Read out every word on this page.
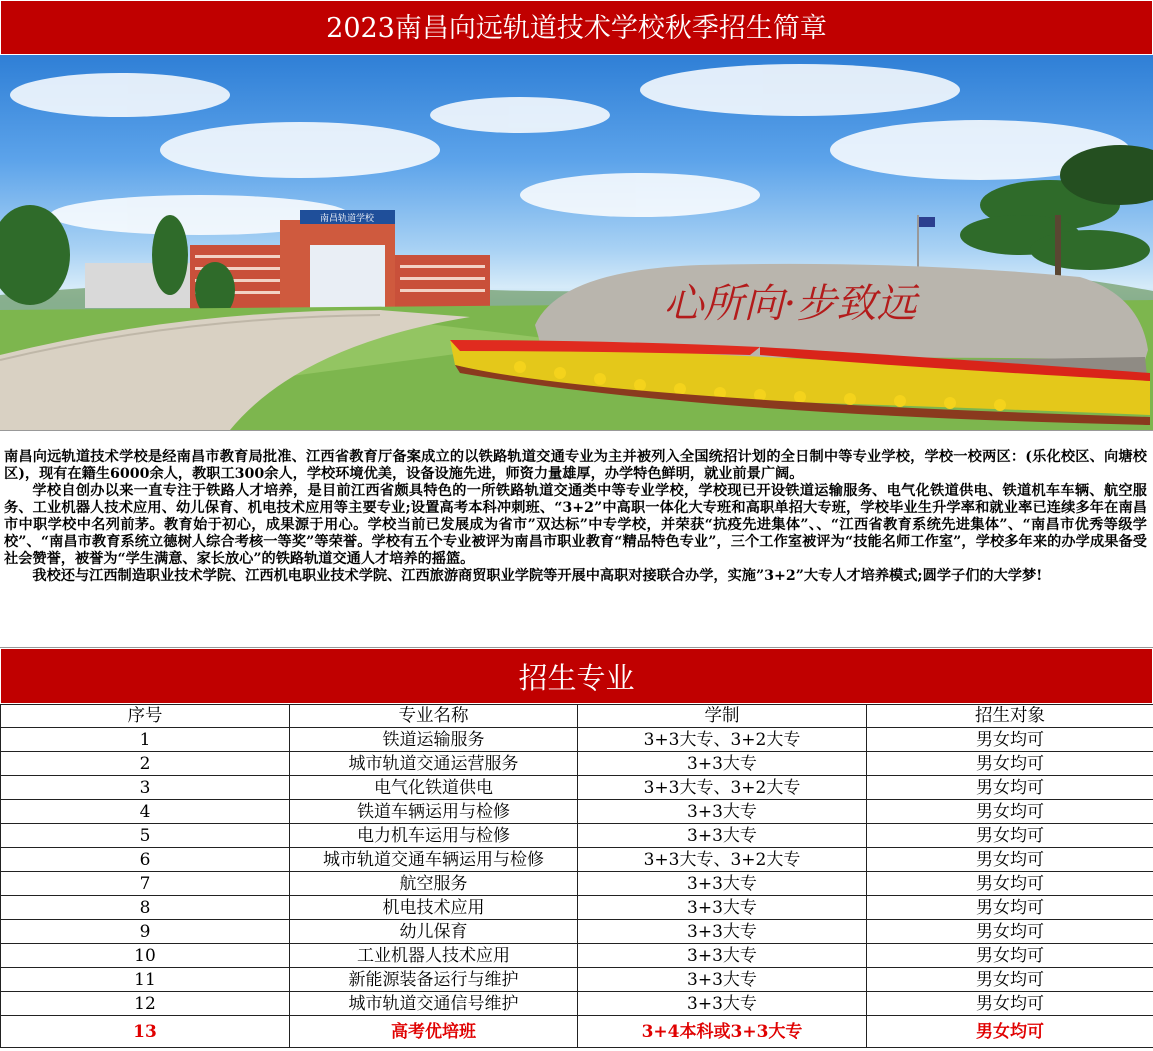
2023南昌向远轨道技术学校秋季招生简章
南昌轨道学校
心所向·步致远

南昌向远轨道技术学校是经南昌市教育局批准、江西省教育厅备案成立的以铁路轨道交通专业为主并被列入全国统招计划的全日制中等专业学校，学校一校两区：(乐化校区、向塘校区)，现有在籍生6000余人，教职工300余人，学校环境优美，设备设施先进，师资力量雄厚，办学特色鲜明，就业前景广阔。

学校自创办以来一直专注于铁路人才培养，是目前江西省颇具特色的一所铁路轨道交通类中等专业学校，学校现已开设铁道运输服务、电气化铁道供电、铁道机车车辆、航空服务、工业机器人技术应用、幼儿保育、机电技术应用等主要专业;设置高考本科冲刺班、“3+2”中高职一体化大专班和高职单招大专班，学校毕业生升学率和就业率已连续多年在南昌市中职学校中名列前茅。教育始于初心，成果源于用心。学校当前已发展成为省市”双达标”中专学校，并荣获“抗疫先进集体”、、“江西省教育系统先进集体”、“南昌市优秀等级学校”、“南昌市教育系统立德树人综合考核一等奖”等荣誉。学校有五个专业被评为南昌市职业教育“精品特色专业”，三个工作室被评为“技能名师工作室”，学校多年来的办学成果备受社会赞誉，被誉为“学生满意、家长放心”的铁路轨道交通人才培养的摇篮。

我校还与江西制造职业技术学院、江西机电职业技术学院、江西旅游商贸职业学院等开展中高职对接联合办学，实施”3+2”大专人才培养模式;圆学子们的大学梦!

招生专业
序号	专业名称	学制	招生对象
1	铁道运输服务	3+3大专、3+2大专	男女均可
2	城市轨道交通运营服务	3+3大专	男女均可
3	电气化铁道供电	3+3大专、3+2大专	男女均可
4	铁道车辆运用与检修	3+3大专	男女均可
5	电力机车运用与检修	3+3大专	男女均可
6	城市轨道交通车辆运用与检修	3+3大专、3+2大专	男女均可
7	航空服务	3+3大专	男女均可
8	机电技术应用	3+3大专	男女均可
9	幼儿保育	3+3大专	男女均可
10	工业机器人技术应用	3+3大专	男女均可
11	新能源装备运行与维护	3+3大专	男女均可
12	城市轨道交通信号维护	3+3大专	男女均可
13	高考优培班	3+4本科或3+3大专	男女均可
